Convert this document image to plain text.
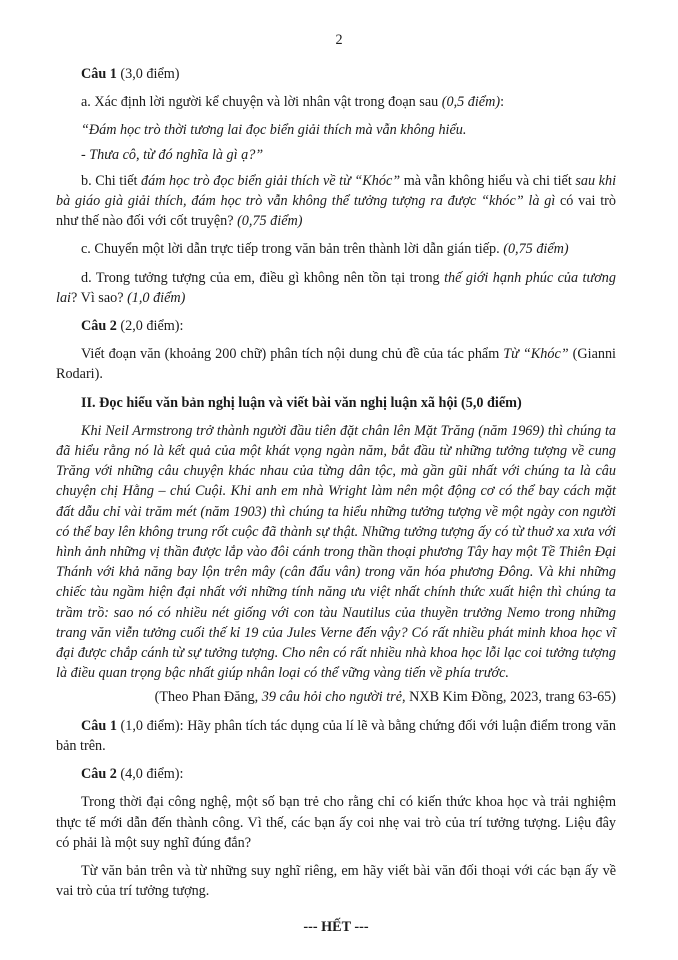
2

Câu 1 (3,0 điểm)

a. Xác định lời người kể chuyện và lời nhân vật trong đoạn sau (0,5 điểm):

“Đám học trò thời tương lai đọc biển giải thích mà vẫn không hiểu.

- Thưa cô, từ đó nghĩa là gì ạ?”

b. Chi tiết đám học trò đọc biển giải thích về từ “Khóc” mà vẫn không hiểu và chi tiết sau khi bà giáo già giải thích, đám học trò vẫn không thể tưởng tượng ra được “khóc” là gì có vai trò như thế nào đối với cốt truyện? (0,75 điểm)

c. Chuyển một lời dẫn trực tiếp trong văn bản trên thành lời dẫn gián tiếp. (0,75 điểm)

d. Trong tưởng tượng của em, điều gì không nên tồn tại trong thế giới hạnh phúc của tương lai? Vì sao? (1,0 điểm)

Câu 2 (2,0 điểm):

Viết đoạn văn (khoảng 200 chữ) phân tích nội dung chủ đề của tác phẩm Từ “Khóc” (Gianni Rodari).

II. Đọc hiểu văn bản nghị luận và viết bài văn nghị luận xã hội (5,0 điểm)

Khi Neil Armstrong trở thành người đầu tiên đặt chân lên Mặt Trăng (năm 1969) thì chúng ta đã hiểu rằng nó là kết quả của một khát vọng ngàn năm, bắt đầu từ những tưởng tượng về cung Trăng với những câu chuyện khác nhau của từng dân tộc, mà gần gũi nhất với chúng ta là câu chuyện chị Hằng – chú Cuội. Khi anh em nhà Wright làm nên một động cơ có thể bay cách mặt đất dẫu chỉ vài trăm mét (năm 1903) thì chúng ta hiểu những tưởng tượng về một ngày con người có thể bay lên không trung rốt cuộc đã thành sự thật. Những tưởng tượng ấy có từ thuở xa xưa với hình ảnh những vị thần được lắp vào đôi cánh trong thần thoại phương Tây hay một Tề Thiên Đại Thánh với khả năng bay lộn trên mây (cân đẩu vân) trong văn hóa phương Đông. Và khi những chiếc tàu ngầm hiện đại nhất với những tính năng ưu việt nhất chính thức xuất hiện thì chúng ta trầm trồ: sao nó có nhiều nét giống với con tàu Nautilus của thuyền trưởng Nemo trong những trang văn viễn tưởng cuối thế kỉ 19 của Jules Verne đến vậy? Có rất nhiều phát minh khoa học vĩ đại được chắp cánh từ sự tưởng tượng. Cho nên có rất nhiều nhà khoa học lỗi lạc coi tưởng tượng là điều quan trọng bậc nhất giúp nhân loại có thể vững vàng tiến về phía trước.

(Theo Phan Đăng, 39 câu hỏi cho người trẻ, NXB Kim Đồng, 2023, trang 63-65)

Câu 1 (1,0 điểm): Hãy phân tích tác dụng của lí lẽ và bằng chứng đối với luận điểm trong văn bản trên.

Câu 2 (4,0 điểm):

Trong thời đại công nghệ, một số bạn trẻ cho rằng chỉ có kiến thức khoa học và trải nghiệm thực tế mới dẫn đến thành công. Vì thế, các bạn ấy coi nhẹ vai trò của trí tưởng tượng. Liệu đây có phải là một suy nghĩ đúng đắn?

Từ văn bản trên và từ những suy nghĩ riêng, em hãy viết bài văn đối thoại với các bạn ấy về vai trò của trí tưởng tượng.

--- HẾT ---
